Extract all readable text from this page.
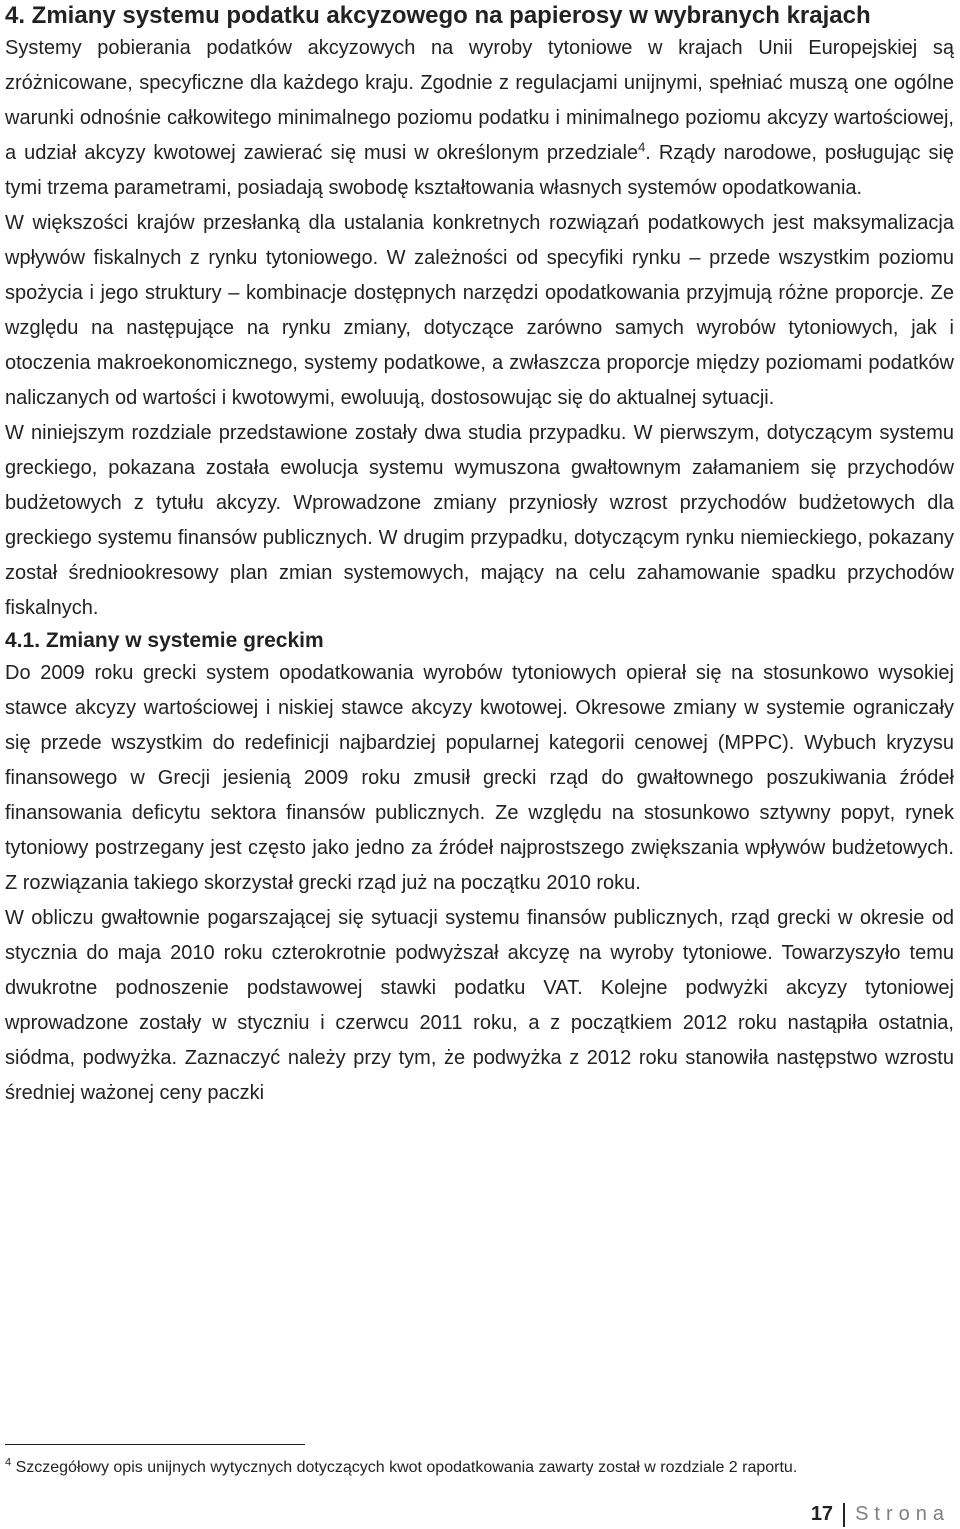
4. Zmiany systemu podatku akcyzowego na papierosy w wybranych krajach

Systemy pobierania podatków akcyzowych na wyroby tytoniowe w krajach Unii Europejskiej są zróżnicowane, specyficzne dla każdego kraju. Zgodnie z regulacjami unijnymi, spełniać muszą one ogólne warunki odnośnie całkowitego minimalnego poziomu podatku i minimalnego poziomu akcyzy wartościowej, a udział akcyzy kwotowej zawierać się musi w określonym przedziale$^4$. Rządy narodowe, posługując się tymi trzema parametrami, posiadają swobodę kształtowania własnych systemów opodatkowania.

W większości krajów przesłanką dla ustalania konkretnych rozwiązań podatkowych jest maksymalizacja wpływów fiskalnych z rynku tytoniowego. W zależności od specyfiki rynku – przede wszystkim poziomu spożycia i jego struktury – kombinacje dostępnych narzędzi opodatkowania przyjmują różne proporcje. Ze względu na następujące na rynku zmiany, dotyczące zarówno samych wyrobów tytoniowych, jak i otoczenia makroekonomicznego, systemy podatkowe, a zwłaszcza proporcje między poziomami podatków naliczanych od wartości i kwotowymi, ewoluują, dostosowując się do aktualnej sytuacji.

W niniejszym rozdziale przedstawione zostały dwa studia przypadku. W pierwszym, dotyczącym systemu greckiego, pokazana została ewolucja systemu wymuszona gwałtownym załamaniem się przychodów budżetowych z tytułu akcyzy. Wprowadzone zmiany przyniosły wzrost przychodów budżetowych dla greckiego systemu finansów publicznych. W drugim przypadku, dotyczącym rynku niemieckiego, pokazany został średniookresowy plan zmian systemowych, mający na celu zahamowanie spadku przychodów fiskalnych.

4.1. Zmiany w systemie greckim

Do 2009 roku grecki system opodatkowania wyrobów tytoniowych opierał się na stosunkowo wysokiej stawce akcyzy wartościowej i niskiej stawce akcyzy kwotowej. Okresowe zmiany w systemie ograniczały się przede wszystkim do redefinicji najbardziej popularnej kategorii cenowej (MPPC). Wybuch kryzysu finansowego w Grecji jesienią 2009 roku zmusił grecki rząd do gwałtownego poszukiwania źródeł finansowania deficytu sektora finansów publicznych. Ze względu na stosunkowo sztywny popyt, rynek tytoniowy postrzegany jest często jako jedno za źródeł najprostszego zwiększania wpływów budżetowych. Z rozwiązania takiego skorzystał grecki rząd już na początku 2010 roku.

W obliczu gwałtownie pogarszającej się sytuacji systemu finansów publicznych, rząd grecki w okresie od stycznia do maja 2010 roku czterokrotnie podwyższał akcyzę na wyroby tytoniowe. Towarzyszyło temu dwukrotne podnoszenie podstawowej stawki podatku VAT. Kolejne podwyżki akcyzy tytoniowej wprowadzone zostały w styczniu i czerwcu 2011 roku, a z początkiem 2012 roku nastąpiła ostatnia, siódma, podwyżka. Zaznaczyć należy przy tym, że podwyżka z 2012 roku stanowiła następstwo wzrostu średniej ważonej ceny paczki

$^4$ Szczegółowy opis unijnych wytycznych dotyczących kwot opodatkowania zawarty został w rozdziale 2 raportu.
17 Strona
